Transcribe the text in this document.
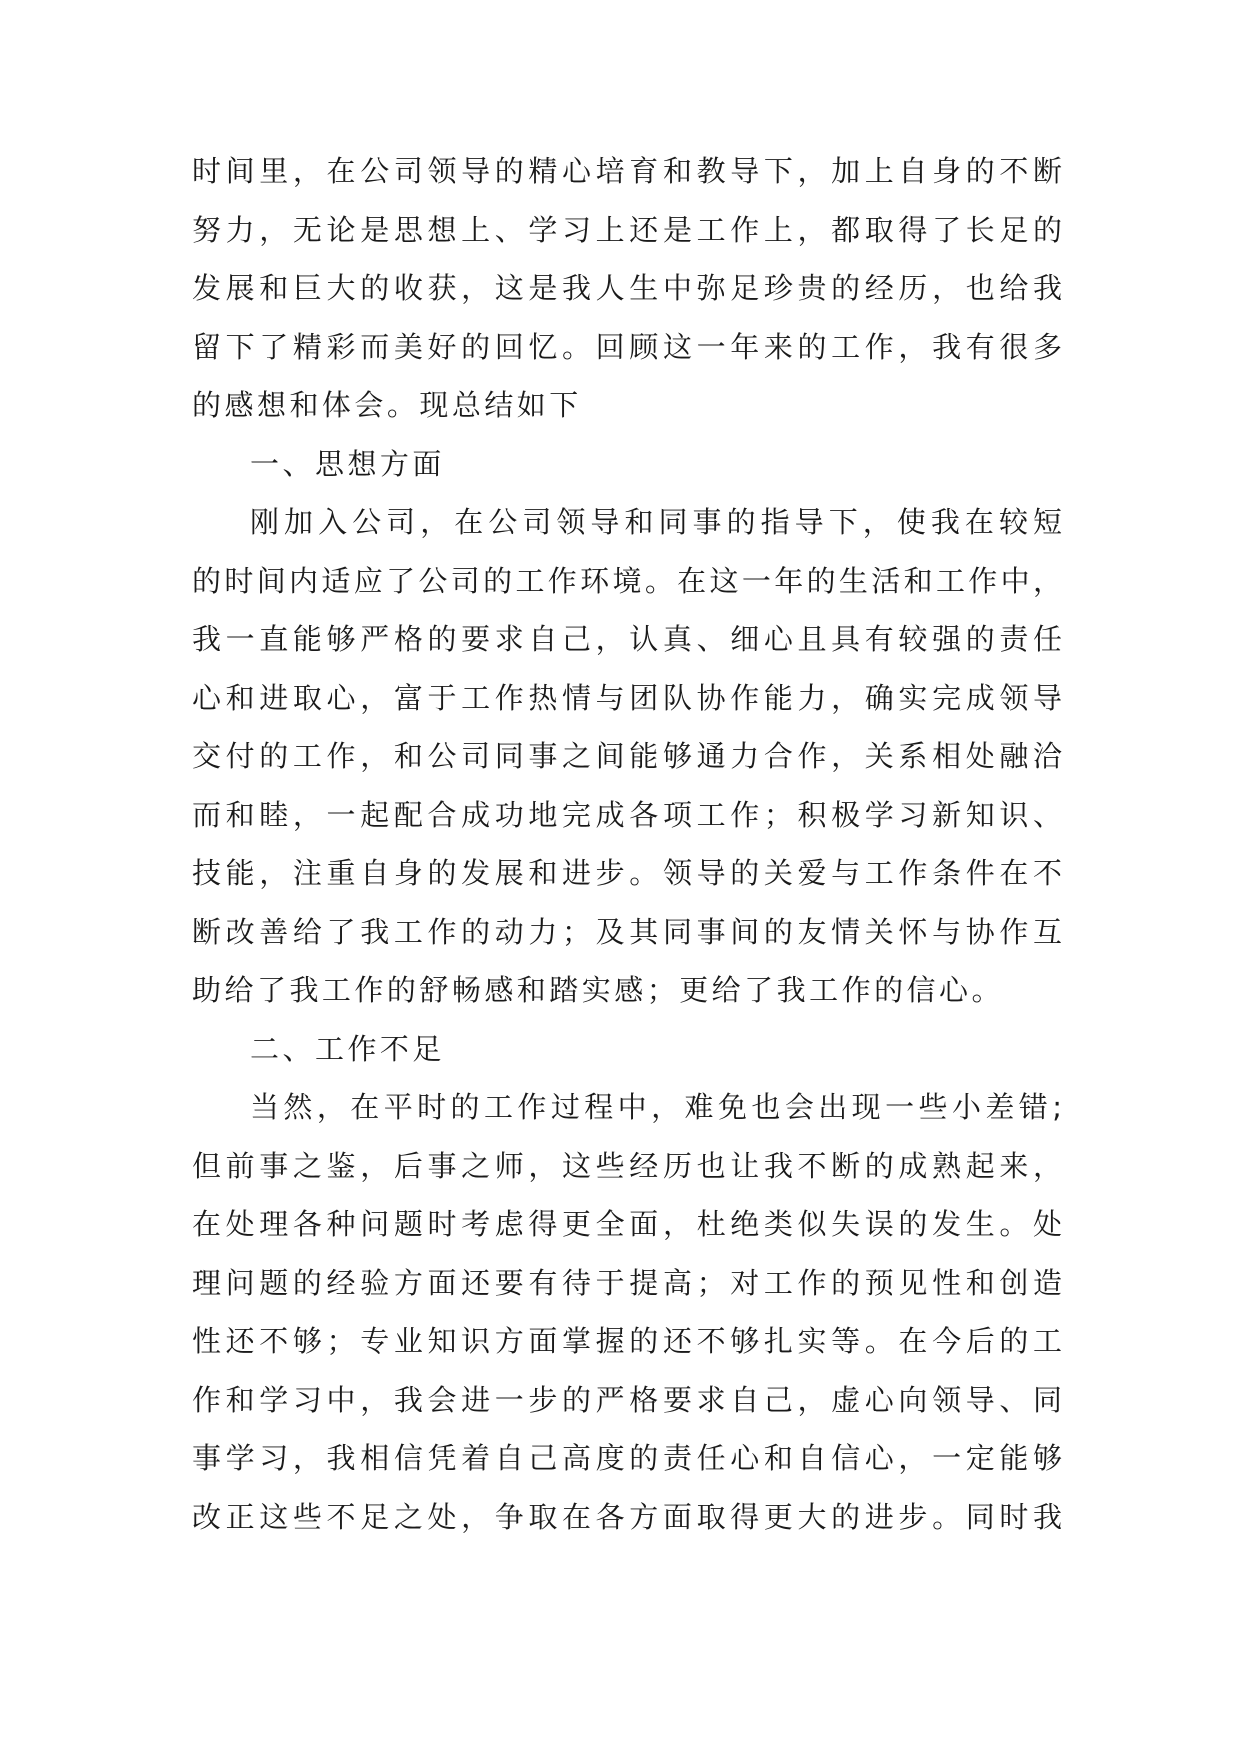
时间里，在公司领导的精心培育和教导下，加上自身的不断
努力，无论是思想上、学习上还是工作上，都取得了长足的
发展和巨大的收获，这是我人生中弥足珍贵的经历，也给我
留下了精彩而美好的回忆。回顾这一年来的工作，我有很多
的感想和体会。现总结如下
一、思想方面
刚加入公司，在公司领导和同事的指导下，使我在较短
的时间内适应了公司的工作环境。在这一年的生活和工作中，
我一直能够严格的要求自己，认真、细心且具有较强的责任
心和进取心，富于工作热情与团队协作能力，确实完成领导
交付的工作，和公司同事之间能够通力合作，关系相处融洽
而和睦，一起配合成功地完成各项工作；积极学习新知识、
技能，注重自身的发展和进步。领导的关爱与工作条件在不
断改善给了我工作的动力；及其同事间的友情关怀与协作互
助给了我工作的舒畅感和踏实感；更给了我工作的信心。
二、工作不足
当然，在平时的工作过程中，难免也会出现一些小差错;
但前事之鉴，后事之师，这些经历也让我不断的成熟起来，
在处理各种问题时考虑得更全面，杜绝类似失误的发生。处
理问题的经验方面还要有待于提高；对工作的预见性和创造
性还不够；专业知识方面掌握的还不够扎实等。在今后的工
作和学习中，我会进一步的严格要求自己，虚心向领导、同
事学习，我相信凭着自己高度的责任心和自信心，一定能够
改正这些不足之处，争取在各方面取得更大的进步。同时我
